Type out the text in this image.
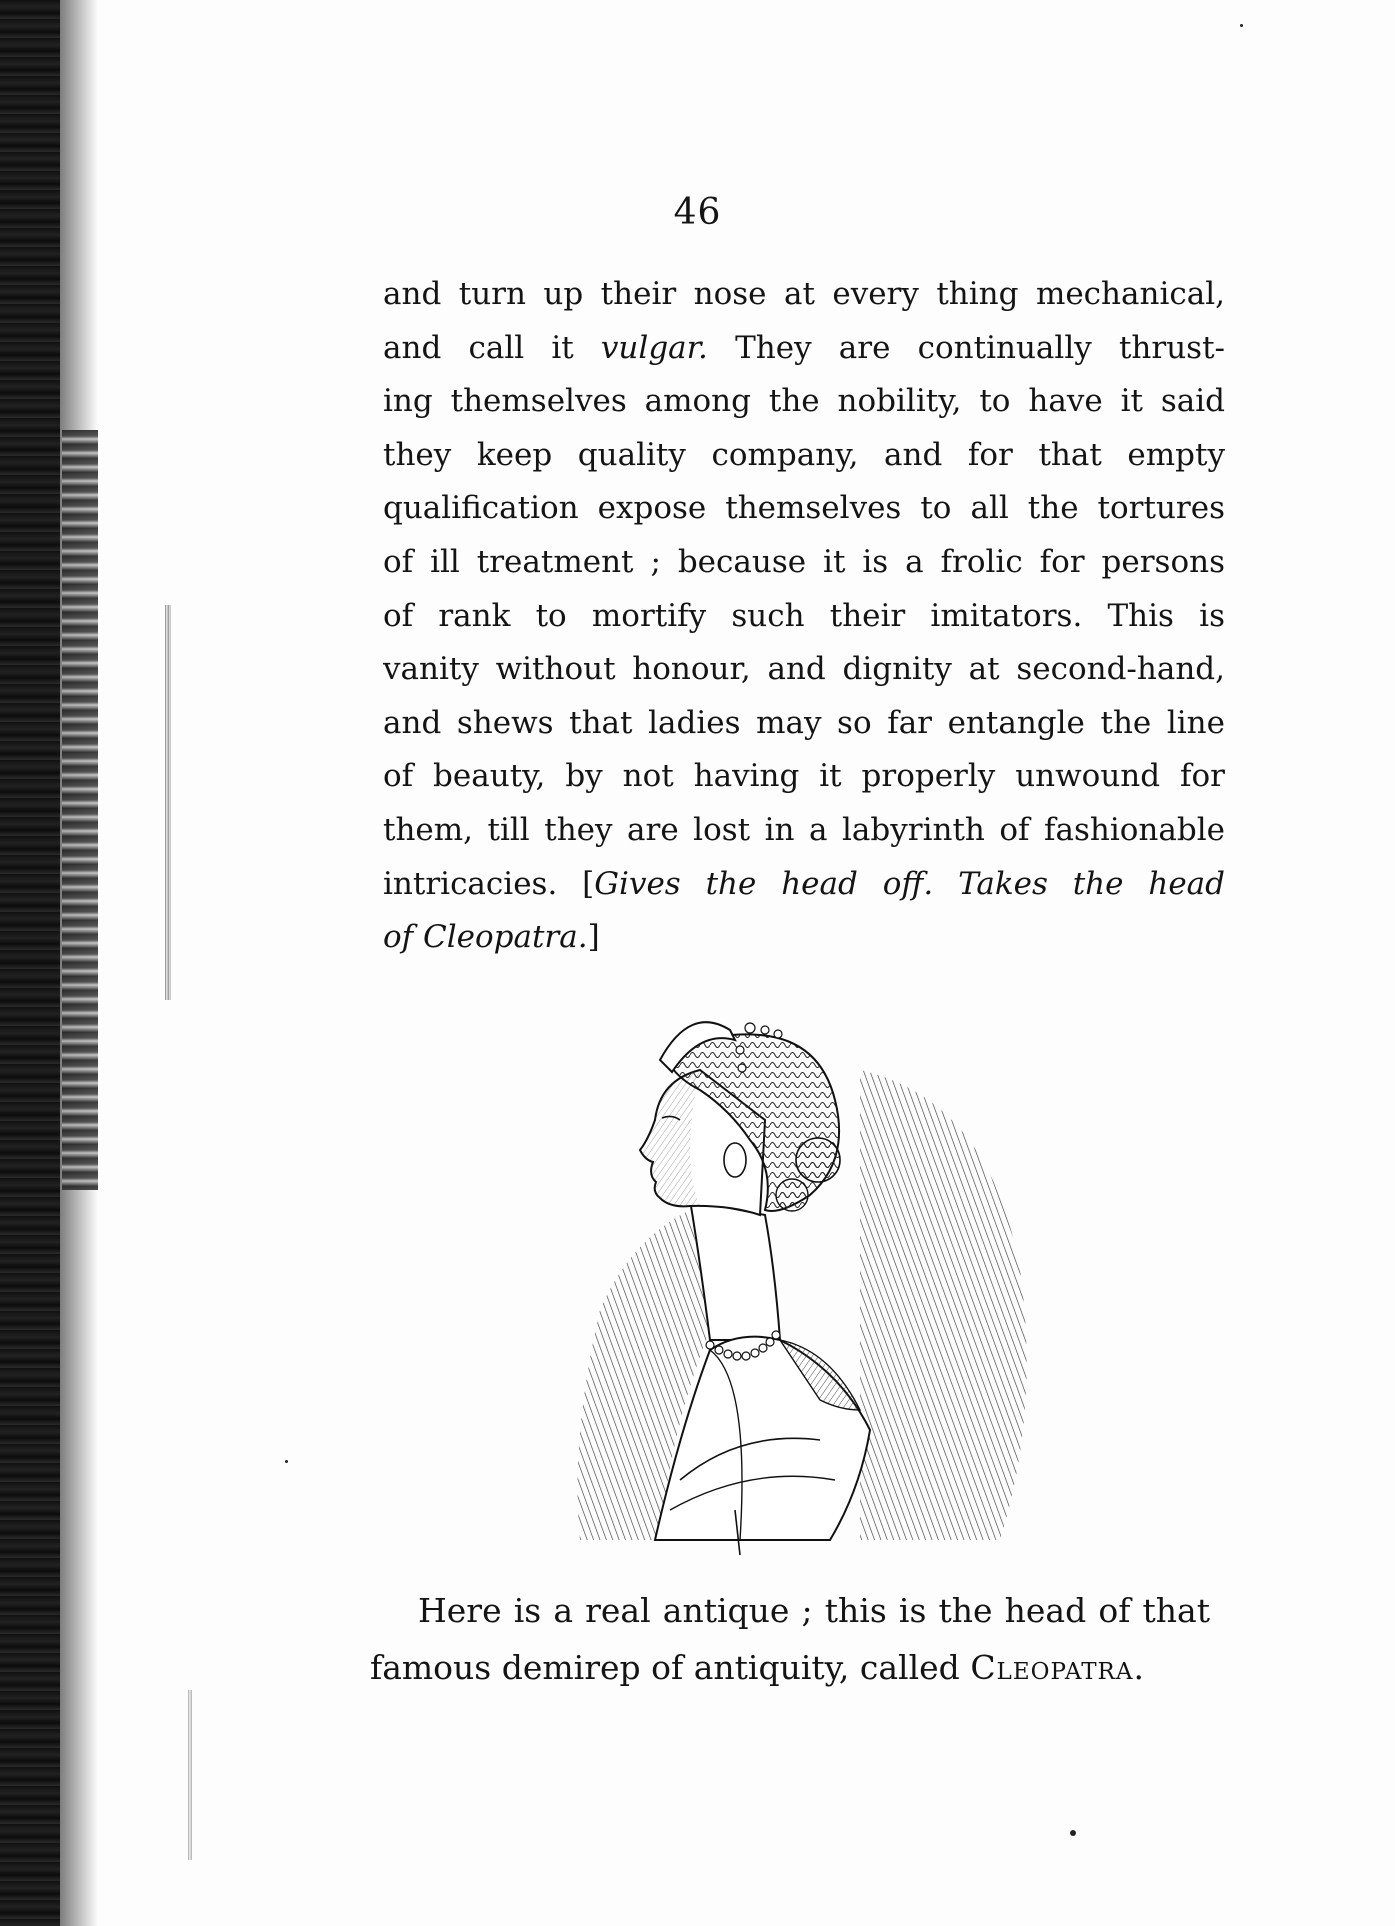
46
and turn up their nose at every thing mechanical,
and call it vulgar. They are continually thrust-
ing themselves among the nobility, to have it said
they keep quality company, and for that empty
qualification expose themselves to all the tortures
of ill treatment ; because it is a frolic for persons
of rank to mortify such their imitators. This is
vanity without honour, and dignity at second-hand,
and shews that ladies may so far entangle the line
of beauty, by not having it properly unwound for
them, till they are lost in a labyrinth of fashionable
intricacies. [Gives the head off. Takes the head
of Cleopatra.]
Here is a real antique ; this is the head of that
famous demirep of antiquity, called Cleopatra.
